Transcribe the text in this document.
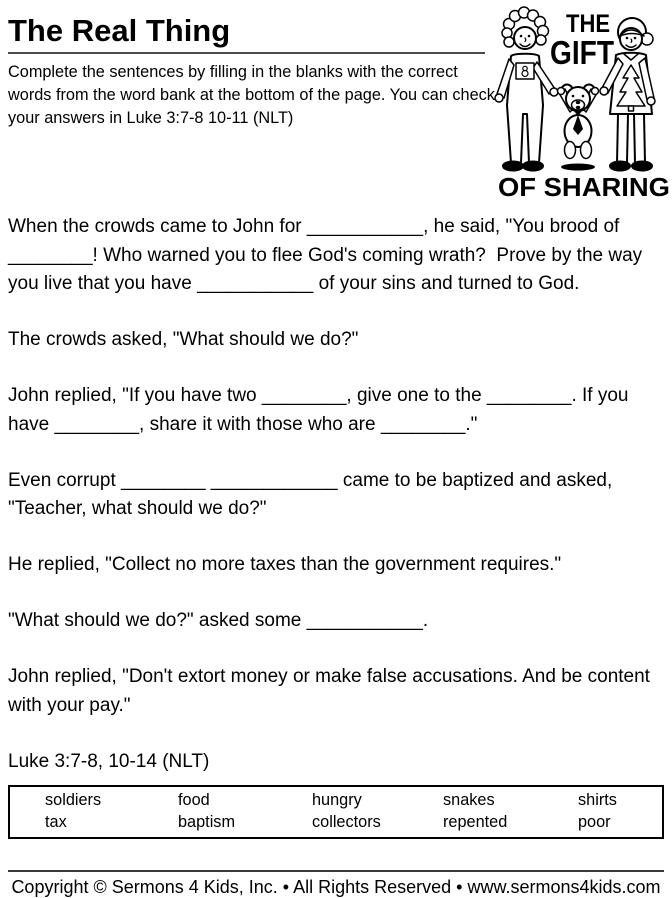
The Real Thing
Complete the sentences by filling in the blanks with the correct words from the word bank at the bottom of the page. You can check your answers in Luke 3:7-8 10-11 (NLT)
THE
GIFT
OF SHARING

When the crowds came to John for ___________, he said, "You brood of ________! Who warned you to flee God's coming wrath?  Prove by the way you live that you have ___________ of your sins and turned to God.

The crowds asked, "What should we do?"

John replied, "If you have two ________, give one to the ________. If you have ________, share it with those who are ________."

Even corrupt ________ ____________ came to be baptized and asked, "Teacher, what should we do?"

He replied, "Collect no more taxes than the government requires."

"What should we do?" asked some ___________.

John replied, "Don't extort money or make false accusations. And be content with your pay."

Luke 3:7-8, 10-14 (NLT)

soldiers	food	hungry	snakes	shirts
tax	baptism	collectors	repented	poor
Copyright © Sermons 4 Kids, Inc. • All Rights Reserved • www.sermons4kids.com
